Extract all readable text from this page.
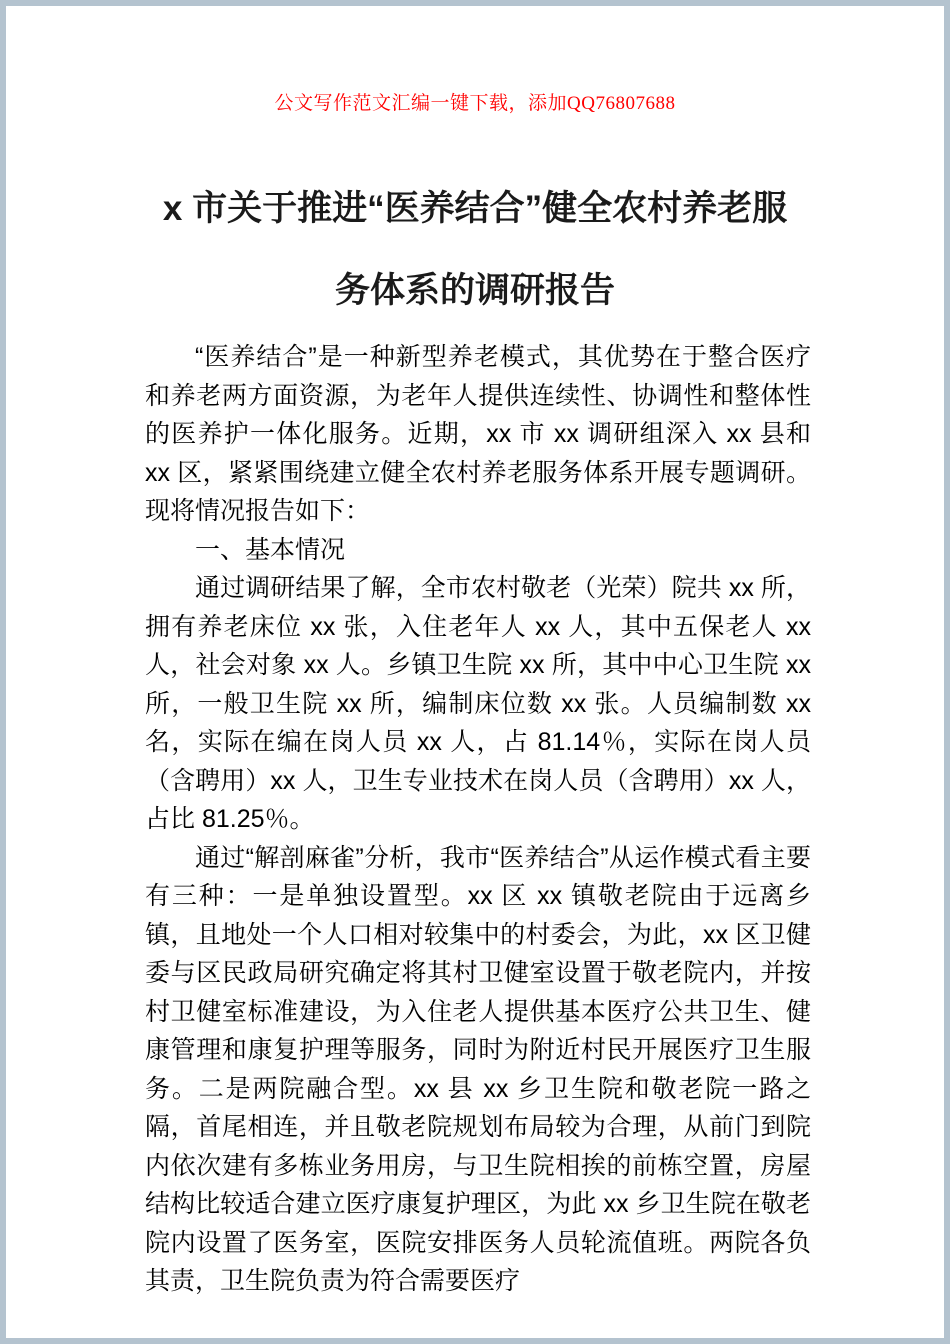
公文写作范文汇编一键下载，添加QQ76807688
x 市关于推进“医养结合”健全农村养老服
务体系的调研报告

“医养结合”是一种新型养老模式，其优势在于整合医疗和养老两方面资源，为老年人提供连续性、协调性和整体性的医养护一体化服务。近期，xx 市 xx 调研组深入 xx 县和 xx 区，紧紧围绕建立健全农村养老服务体系开展专题调研。现将情况报告如下：

一、基本情况

通过调研结果了解，全市农村敬老（光荣）院共 xx 所，拥有养老床位 xx 张，入住老年人 xx 人，其中五保老人 xx 人，社会对象 xx 人。乡镇卫生院 xx 所，其中中心卫生院 xx 所，一般卫生院 xx 所，编制床位数 xx 张。人员编制数 xx 名，实际在编在岗人员 xx 人，占 81.14％，实际在岗人员（含聘用）xx 人，卫生专业技术在岗人员（含聘用）xx 人，占比 81.25％。

通过“解剖麻雀”分析，我市“医养结合”从运作模式看主要有三种：一是单独设置型。xx 区 xx 镇敬老院由于远离乡镇，且地处一个人口相对较集中的村委会，为此，xx 区卫健委与区民政局研究确定将其村卫健室设置于敬老院内，并按村卫健室标准建设，为入住老人提供基本医疗公共卫生、健康管理和康复护理等服务，同时为附近村民开展医疗卫生服务。二是两院融合型。xx 县 xx 乡卫生院和敬老院一路之隔，首尾相连，并且敬老院规划布局较为合理，从前门到院内依次建有多栋业务用房，与卫生院相挨的前栋空置，房屋结构比较适合建立医疗康复护理区，为此 xx 乡卫生院在敬老院内设置了医务室，医院安排医务人员轮流值班。两院各负其责，卫生院负责为符合需要医疗
